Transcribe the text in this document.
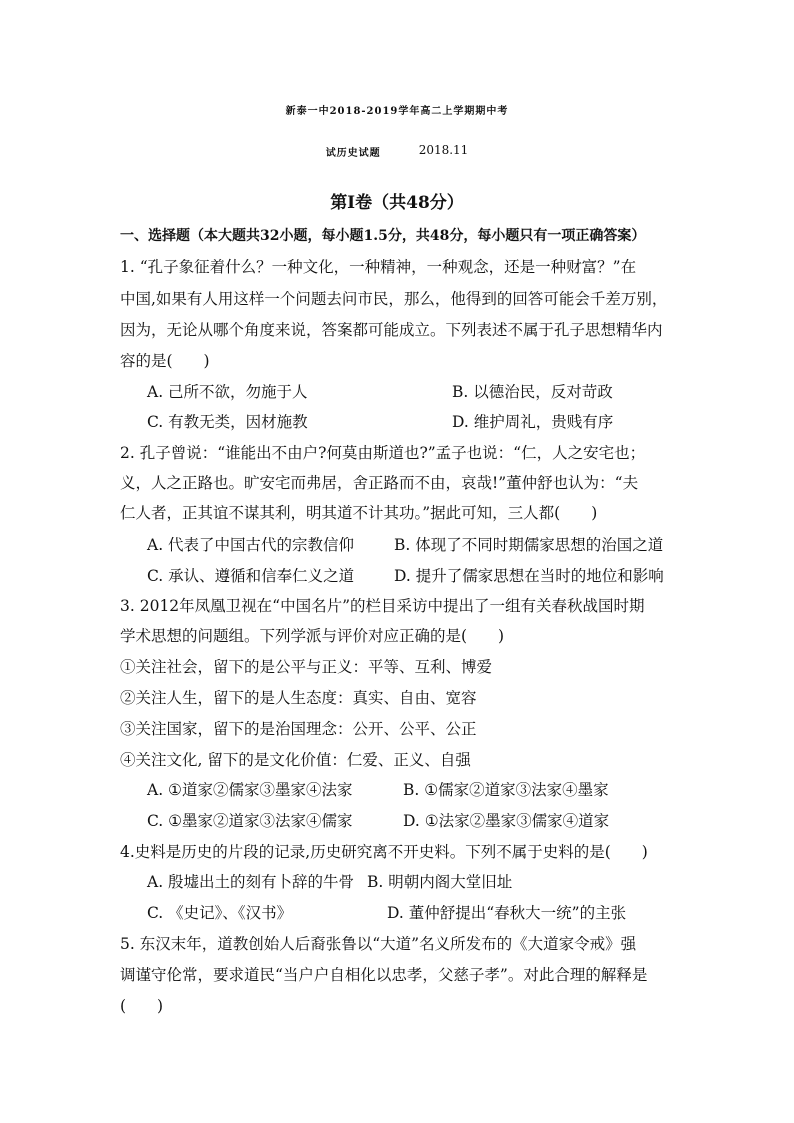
新泰一中2018-2019学年高二上学期期中考
试历史试题	2018.11
第Ⅰ卷（共48分）
一、选择题（本大题共32小题，每小题1.5分，共48分，每小题只有一项正确答案）
1. “孔子象征着什么？一种文化，一种精神，一种观念，还是一种财富？”在
中国,如果有人用这样一个问题去问市民，那么，他得到的回答可能会千差万别，
因为，无论从哪个角度来说，答案都可能成立。下列表述不属于孔子思想精华内
容的是(　　)
A. 己所不欲，勿施于人	B. 以德治民，反对苛政
C. 有教无类，因材施教	D. 维护周礼，贵贱有序
2. 孔子曾说：“谁能出不由户?何莫由斯道也?”孟子也说：“仁，人之安宅也；
义，人之正路也。旷安宅而弗居，舍正路而不由，哀哉!”董仲舒也认为：“夫
仁人者，正其谊不谋其利，明其道不计其功。”据此可知，三人都(　　)
A. 代表了中国古代的宗教信仰	B. 体现了不同时期儒家思想的治国之道
C. 承认、遵循和信奉仁义之道	D. 提升了儒家思想在当时的地位和影响
3. 2012年凤凰卫视在“中国名片”的栏目采访中提出了一组有关春秋战国时期
学术思想的问题组。下列学派与评价对应正确的是(　　)
①关注社会，留下的是公平与正义：平等、互利、博爱
②关注人生，留下的是人生态度：真实、自由、宽容
③关注国家，留下的是治国理念：公开、公平、公正
④关注文化, 留下的是文化价值：仁爱、正义、自强
A. ①道家②儒家③墨家④法家	B. ①儒家②道家③法家④墨家
C. ①墨家②道家③法家④儒家	D. ①法家②墨家③儒家④道家
4.史料是历史的片段的记录,历史研究离不开史料。下列不属于史料的是(　　)
A. 殷墟出土的刻有卜辞的牛骨 B. 明朝内阁大堂旧址
C. 《史记》、《汉书》	D. 董仲舒提出“春秋大一统”的主张
5. 东汉末年，道教创始人后裔张鲁以“大道”名义所发布的《大道家令戒》强
调谨守伦常，要求道民“当户户自相化以忠孝，父慈子孝”。对此合理的解释是
(　　)
